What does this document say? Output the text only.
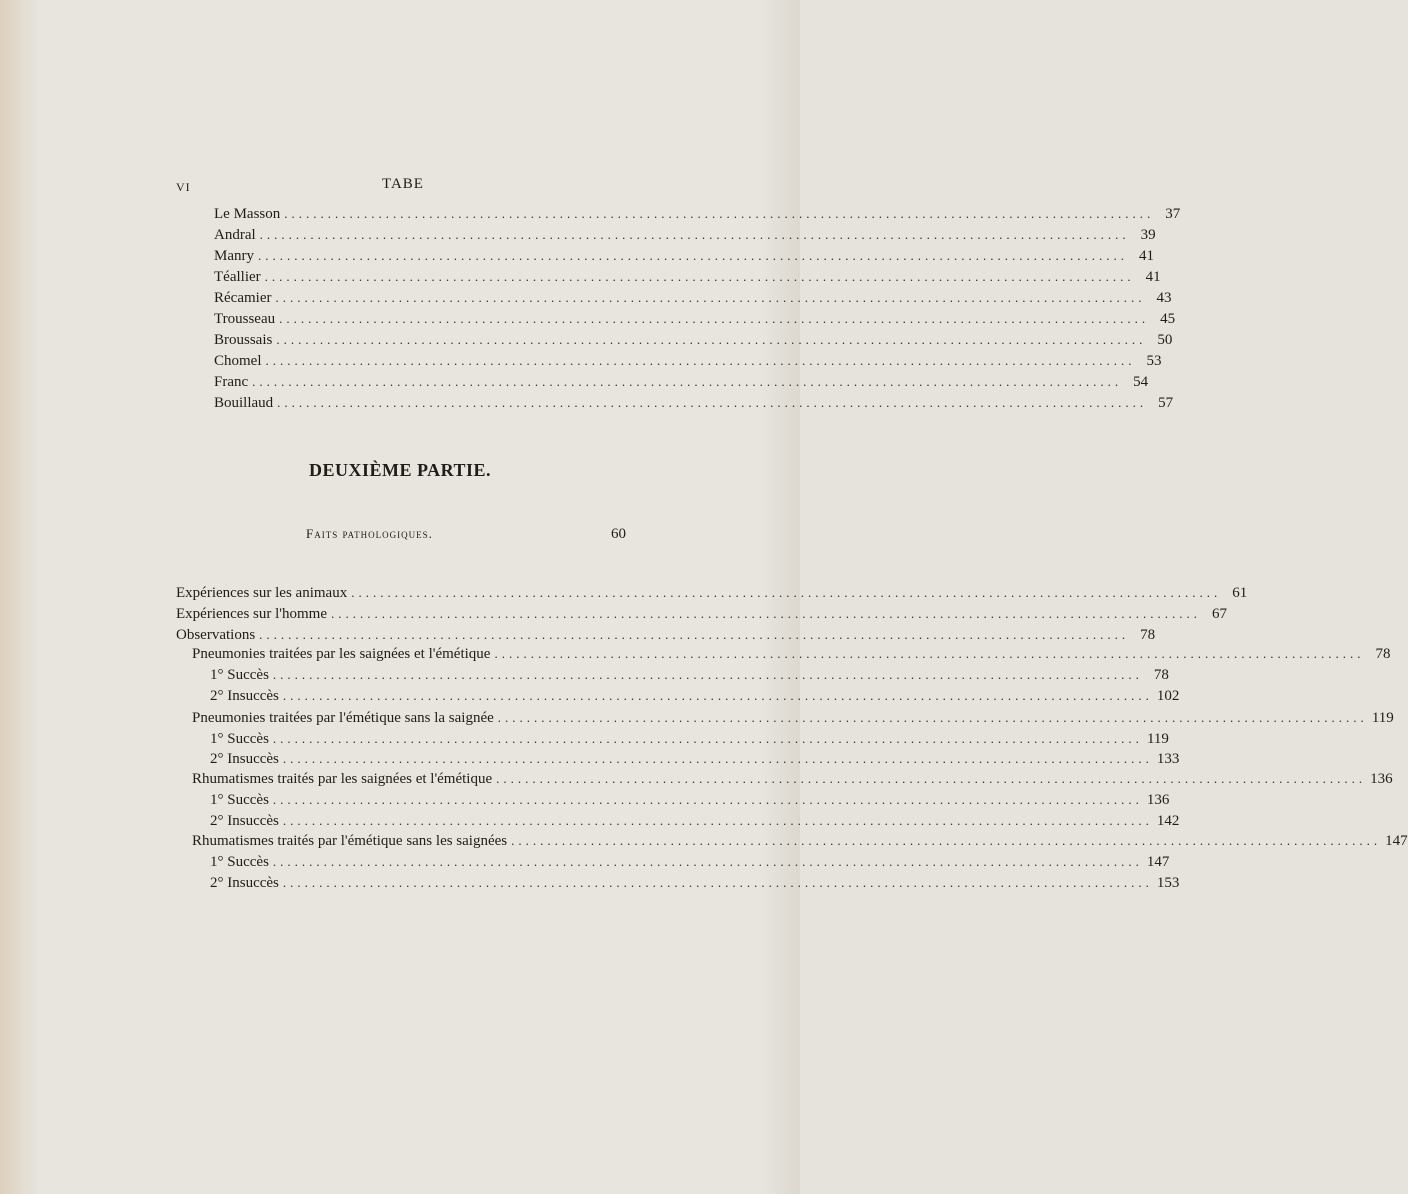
VI	TABE
Le Masson ........................................................................................................................ 37
Andral ........................................................................................................................ 39
Manry ........................................................................................................................ 41
Téallier ........................................................................................................................ 41
Récamier ........................................................................................................................ 43
Trousseau ........................................................................................................................ 45
Broussais ........................................................................................................................ 50
Chomel ........................................................................................................................ 53
Franc ........................................................................................................................ 54
Bouillaud ........................................................................................................................ 57
DEUXIÈME PARTIE.
Faits pathologiques.	60
Expériences sur les animaux ........................................................................................................................ 61
Expériences sur l'homme ........................................................................................................................ 67
Observations ........................................................................................................................ 78
Pneumonies traitées par les saignées et l'émétique ........................................................................................................................ 78
1° Succès ........................................................................................................................ 78
2° Insuccès ........................................................................................................................ 102
Pneumonies traitées par l'émétique sans la saignée ........................................................................................................................ 119
1° Succès ........................................................................................................................ 119
2° Insuccès ........................................................................................................................ 133
Rhumatismes traités par les saignées et l'émétique ........................................................................................................................ 136
1° Succès ........................................................................................................................ 136
2° Insuccès ........................................................................................................................ 142
Rhumatismes traités par l'émétique sans les saignées ........................................................................................................................ 147
1° Succès ........................................................................................................................ 147
2° Insuccès ........................................................................................................................ 153
